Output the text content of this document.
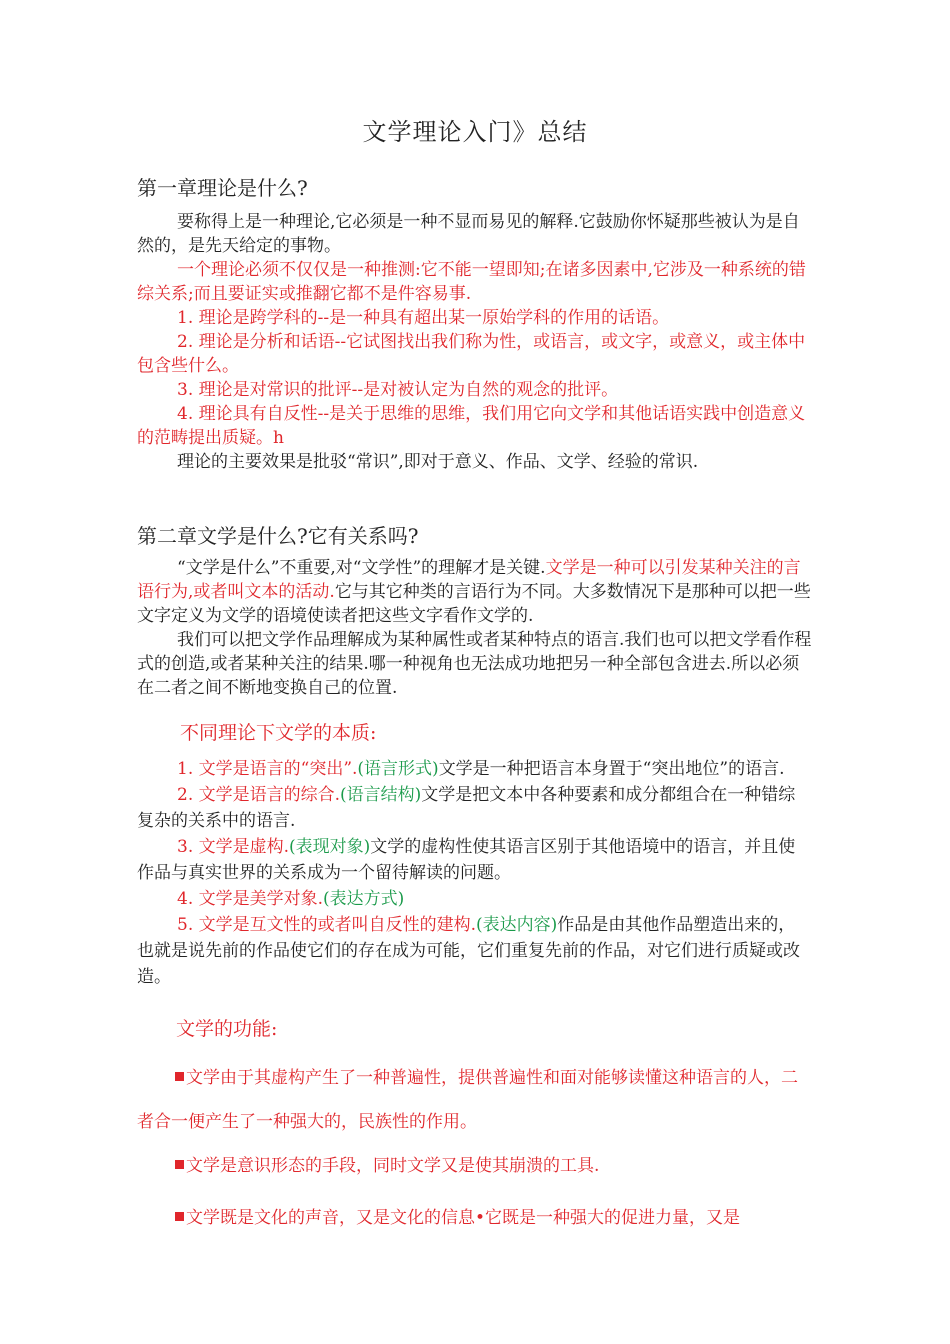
文学理论入门》总结
第一章理论是什么?

要称得上是一种理论,它必须是一种不显而易见的解释.它鼓励你怀疑那些被认为是自然的，是先天给定的事物。

一个理论必须不仅仅是一种推测:它不能一望即知;在诸多因素中,它涉及一种系统的错综关系;而且要证实或推翻它都不是件容易事.

1. 理论是跨学科的--是一种具有超出某一原始学科的作用的话语。

2. 理论是分析和话语--它试图找出我们称为性，或语言，或文字，或意义，或主体中包含些什么。

3. 理论是对常识的批评--是对被认定为自然的观念的批评。

4. 理论具有自反性--是关于思维的思维，我们用它向文学和其他话语实践中创造意义的范畴提出质疑。h

理论的主要效果是批驳“常识”,即对于意义、作品、文学、经验的常识.

第二章文学是什么?它有关系吗?

“文学是什么”不重要,对“文学性”的理解才是关键.文学是一种可以引发某种关注的言语行为,或者叫文本的活动.它与其它种类的言语行为不同。大多数情况下是那种可以把一些文字定义为文学的语境使读者把这些文字看作文学的.

我们可以把文学作品理解成为某种属性或者某种特点的语言.我们也可以把文学看作程式的创造,或者某种关注的结果.哪一种视角也无法成功地把另一种全部包含进去.所以必须在二者之间不断地变换自己的位置.

不同理论下文学的本质:

1. 文学是语言的“突出”.(语言形式)文学是一种把语言本身置于“突出地位”的语言.

2. 文学是语言的综合.(语言结构)文学是把文本中各种要素和成分都组合在一种错综复杂的关系中的语言.

3. 文学是虚构.(表现对象)文学的虚构性使其语言区别于其他语境中的语言，并且使作品与真实世界的关系成为一个留待解读的问题。

4. 文学是美学对象.(表达方式)

5. 文学是互文性的或者叫自反性的建构.(表达内容)作品是由其他作品塑造出来的，也就是说先前的作品使它们的存在成为可能，它们重复先前的作品，对它们进行质疑或改造。

文学的功能:

文学由于其虚构产生了一种普遍性，提供普遍性和面对能够读懂这种语言的人，二者合一便产生了一种强大的，民族性的作用。

文学是意识形态的手段，同时文学又是使其崩溃的工具.

文学既是文化的声音，又是文化的信息•它既是一种强大的促进力量，又是
